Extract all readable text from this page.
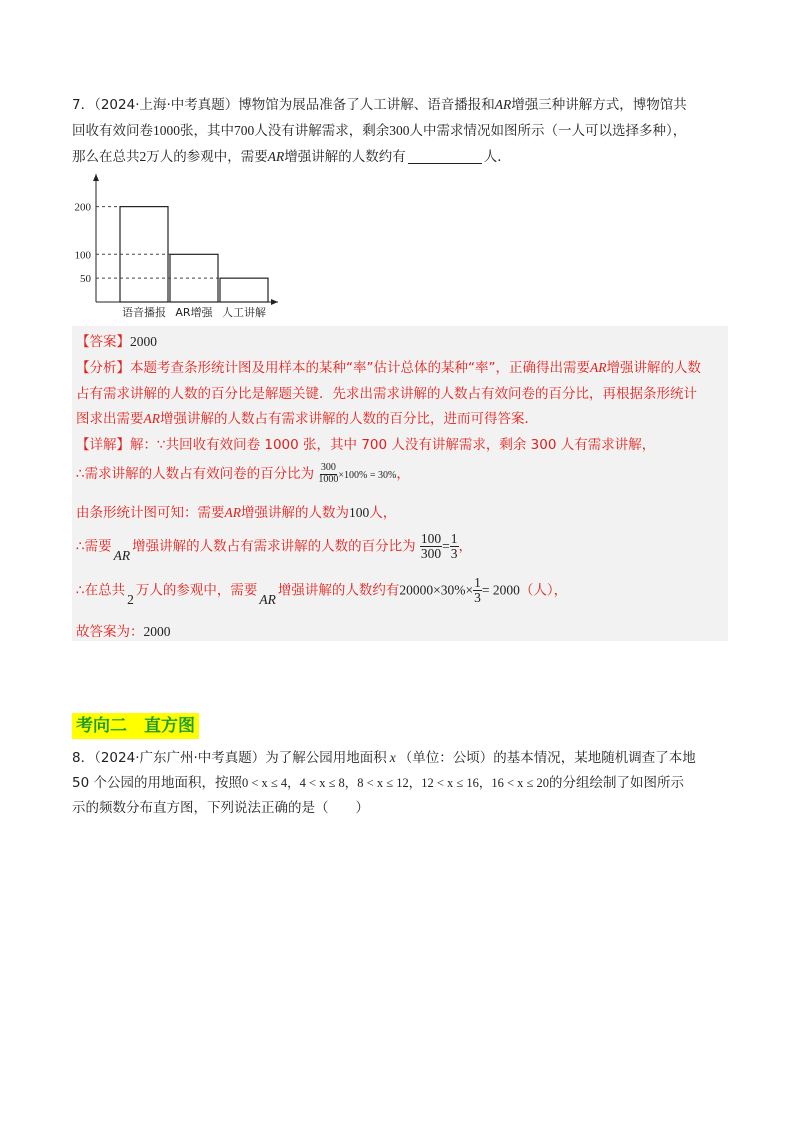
7．（2024·上海·中考真题）博物馆为展品准备了人工讲解、语音播报和AR增强三种讲解方式，博物馆共

回收有效问卷1000张，其中700人没有讲解需求，剩余300人中需求情况如图所示（一人可以选择多种），

那么在总共2万人的参观中，需要AR增强讲解的人数约有	人．

50
100
200
语音播报 AR增强 人工讲解
【答案】2000
【分析】本题考查条形统计图及用样本的某种“率”估计总体的某种“率”，正确得出需要AR增强讲解的人数
占有需求讲解的人数的百分比是解题关键．先求出需求讲解的人数占有效问卷的百分比，再根据条形统计
图求出需要AR增强讲解的人数占有需求讲解的人数的百分比，进而可得答案．
【详解】解：∵共回收有效问卷 1000 张，其中 700 人没有讲解需求，剩余 300 人有需求讲解，
∴需求讲解的人数占有效问卷的百分比为 $\frac{300}{1000} \times 100\% = 30\%$，
由条形统计图可知：需要AR增强讲解的人数为100人，
∴需要AR增强讲解的人数占有需求讲解的人数的百分比为 $\frac{100}{300} = \frac{1}{3}$ ，
∴在总共2万人的参观中，需要AR增强讲解的人数约有$20000\times 30\%\times \frac{1}{3} = 2000$（人），
故答案为：2000
考向二　直方图

8．（2024·广东广州·中考真题）为了解公园用地面积 x （单位：公顷）的基本情况，某地随机调查了本地

50 个公园的用地面积，按照0 < x ≤ 4，4 < x ≤ 8，8 < x ≤ 12，12 < x ≤ 16，16 < x ≤ 20的分组绘制了如图所示

示的频数分布直方图，下列说法正确的是（　　）
